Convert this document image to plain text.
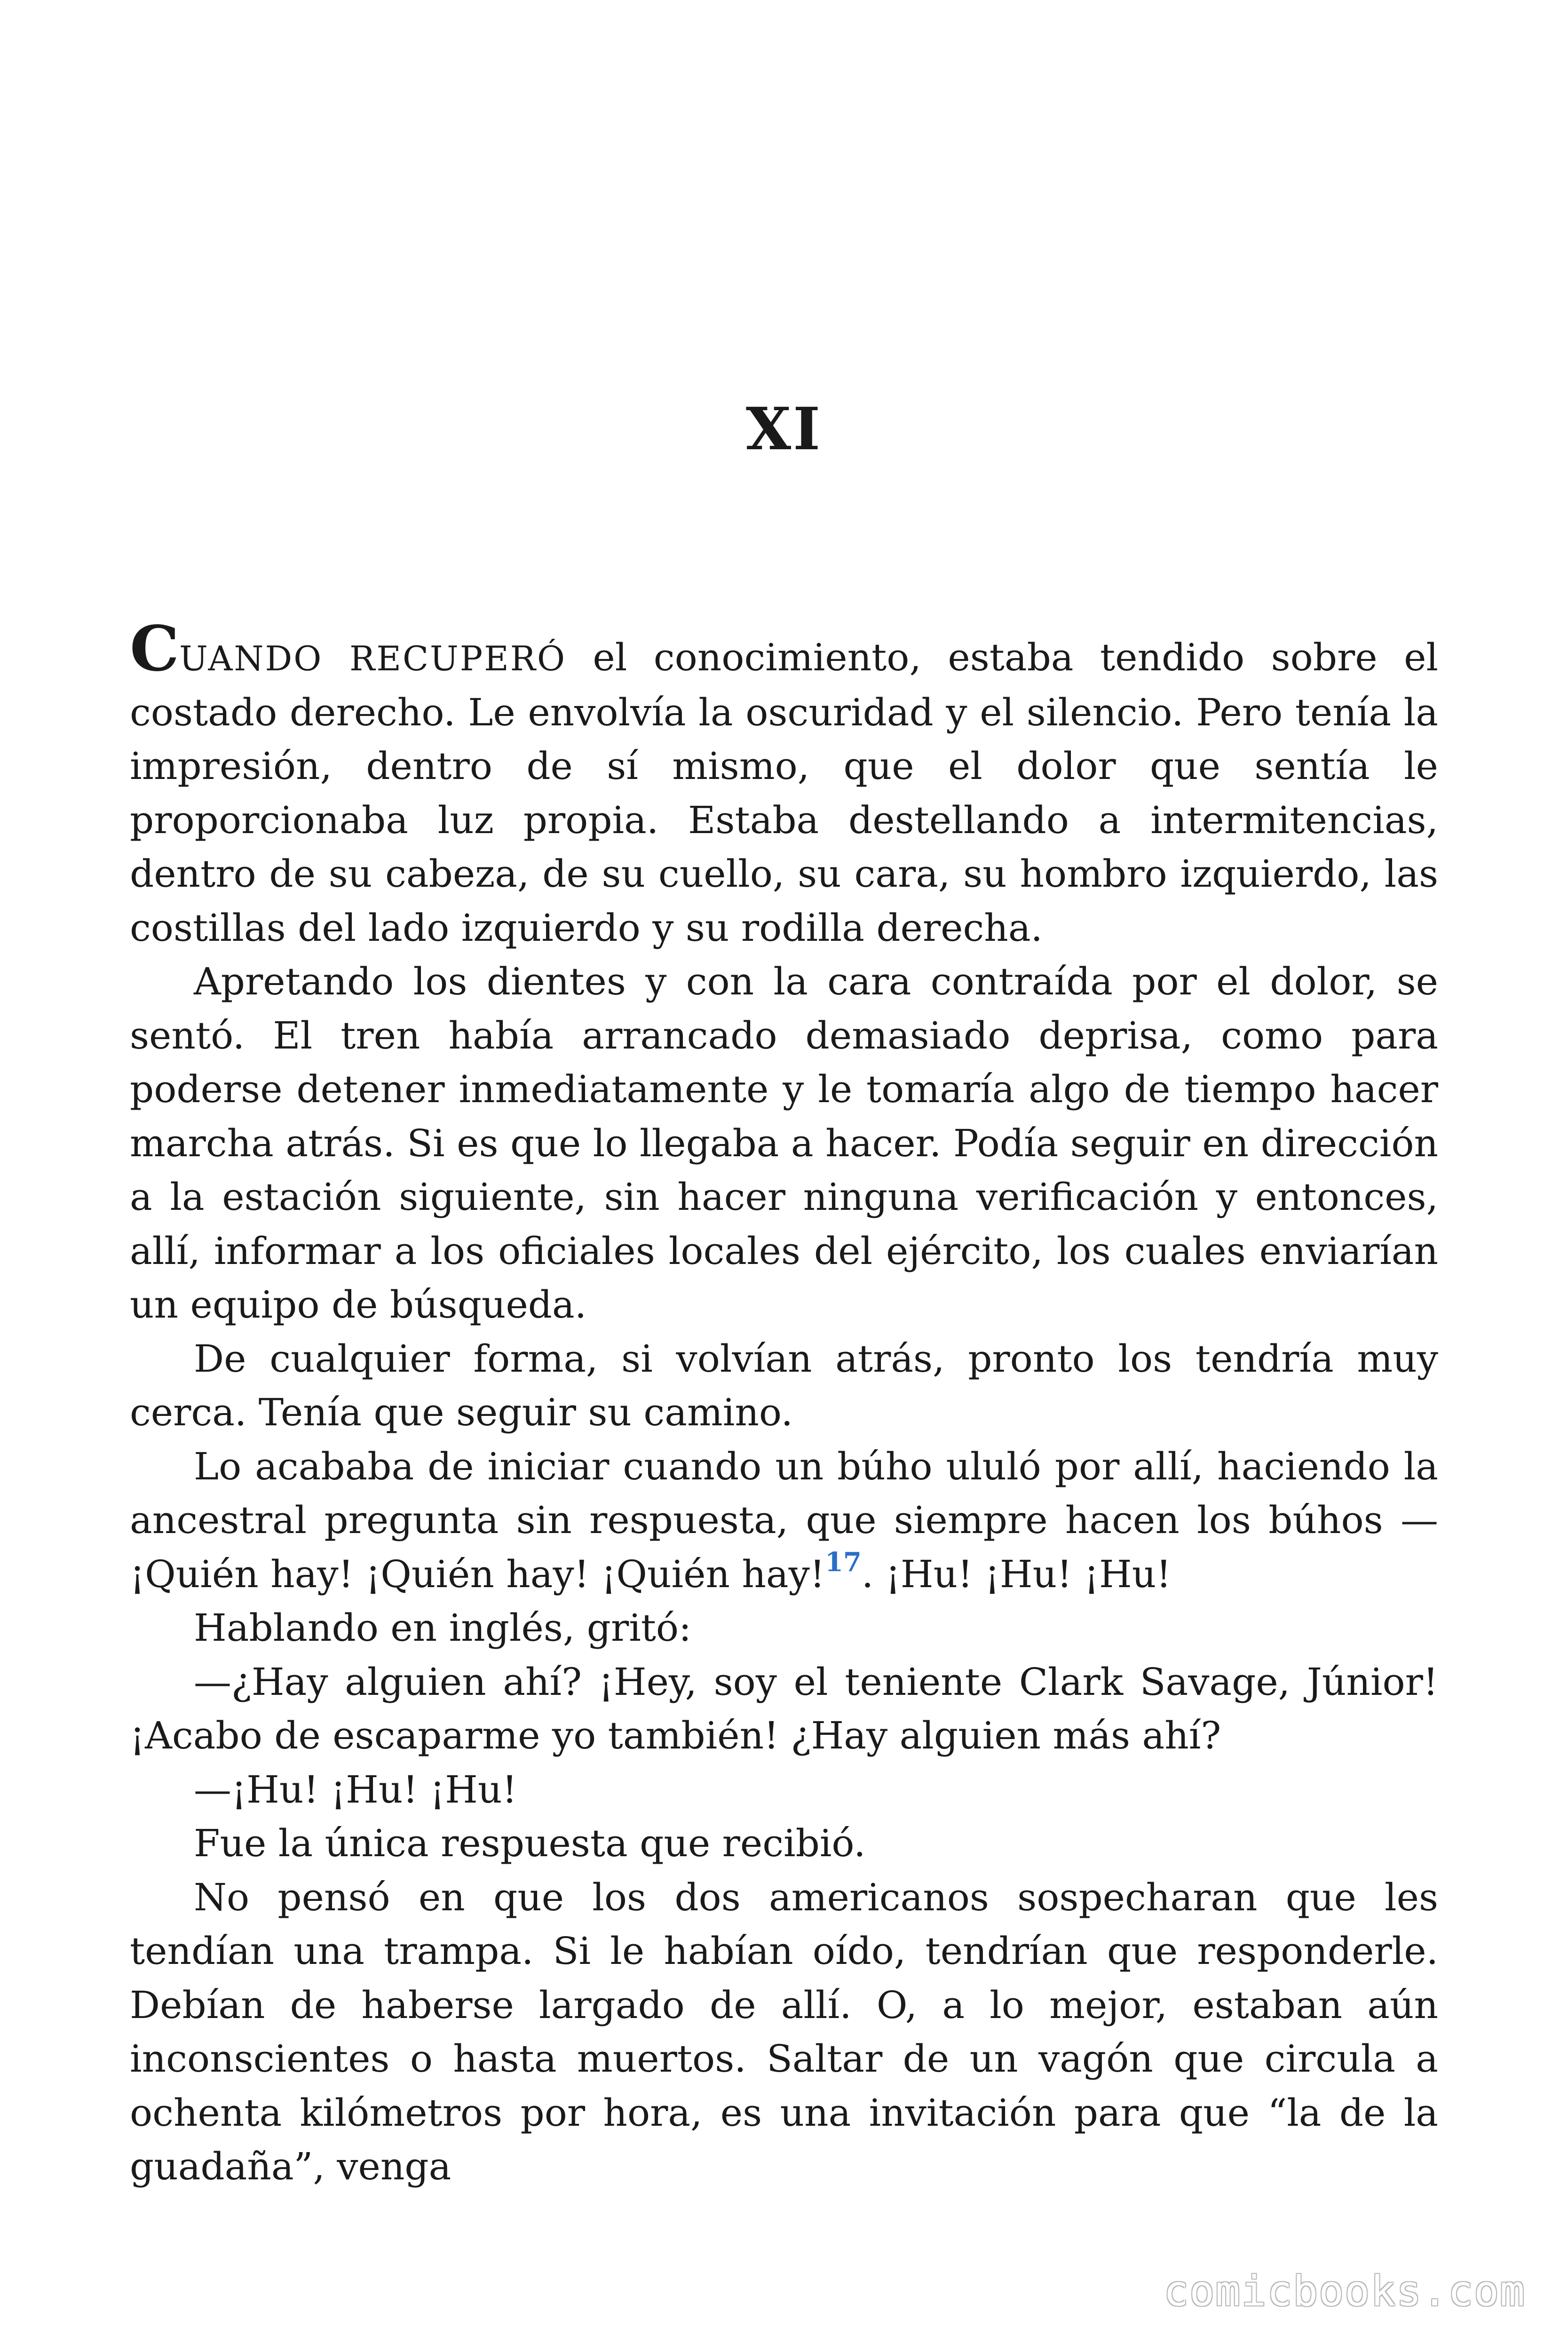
XI

CUANDO RECUPERÓ el conocimiento, estaba tendido sobre el costado derecho. Le envolvía la oscuridad y el silencio. Pero tenía la impresión, dentro de sí mismo, que el dolor que sentía le proporcionaba luz propia. Estaba destellando a intermitencias, dentro de su cabeza, de su cuello, su cara, su hombro izquierdo, las costillas del lado izquierdo y su rodilla derecha.

Apretando los dientes y con la cara contraída por el dolor, se sentó. El tren había arrancado demasiado deprisa, como para poderse detener inmediatamente y le tomaría algo de tiempo hacer marcha atrás. Si es que lo llegaba a hacer. Podía seguir en dirección a la estación siguiente, sin hacer ninguna verificación y entonces, allí, informar a los oficiales locales del ejército, los cuales enviarían un equipo de búsqueda.

De cualquier forma, si volvían atrás, pronto los tendría muy cerca. Tenía que seguir su camino.

Lo acababa de iniciar cuando un búho ululó por allí, haciendo la ancestral pregunta sin respuesta, que siempre hacen los búhos — ¡Quién hay! ¡Quién hay! ¡Quién hay!$^{17}$. ¡Hu! ¡Hu! ¡Hu!

Hablando en inglés, gritó:

—¿Hay alguien ahí? ¡Hey, soy el teniente Clark Savage, Júnior! ¡Acabo de escaparme yo también! ¿Hay alguien más ahí?

—¡Hu! ¡Hu! ¡Hu!

Fue la única respuesta que recibió.

No pensó en que los dos americanos sospecharan que les tendían una trampa. Si le habían oído, tendrían que responderle. Debían de haberse largado de allí. O, a lo mejor, estaban aún inconscientes o hasta muertos. Saltar de un vagón que circula a ochenta kilómetros por hora, es una invitación para que “la de la guadaña”, venga

comicbooks.com
